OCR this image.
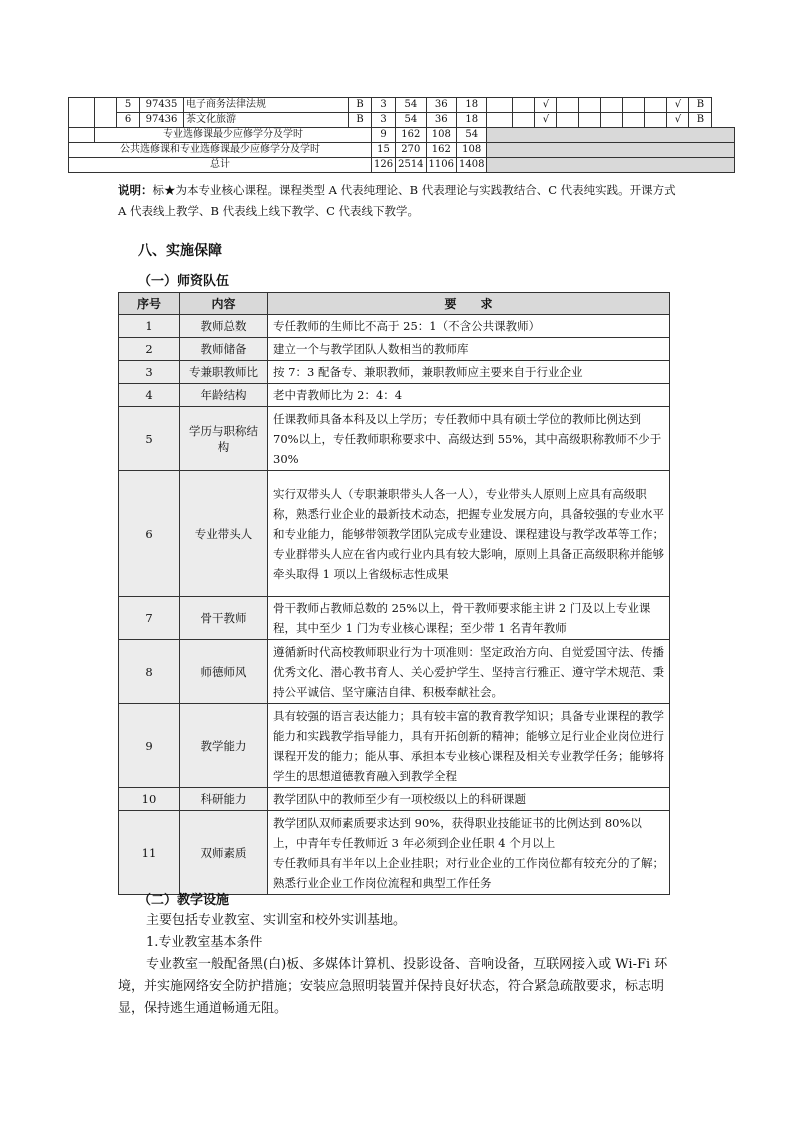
		5	97435	电子商务法律法规	B	3	54	36	18			√						√	B
		6	97436	茶文化旅游	B	3	54	36	18			√						√	B
	专业选修课最少应修学分及学时					9	162	108	54										
公共选修课和专业选修课最少应修学分及学时						15	270	162	108										
总计						126	2514	1106	1408										
说明：标★为本专业核心课程。课程类型 A 代表纯理论、B 代表理论与实践教结合、C 代表纯实践。开课方式 A 代表线上教学、B 代表线上线下教学、C 代表线下教学。
八、实施保障
（一）师资队伍
序号	内容	要　　求
1	教师总数	专任教师的生师比不高于 25：1（不含公共课教师）

2	教师储备	建立一个与教学团队人数相当的教师库

3	专兼职教师比	按 7：3 配备专、兼职教师，兼职教师应主要来自于行业企业

4	年龄结构	老中青教师比为 2：4：4

5	学历与职称结构	任课教师具备本科及以上学历；专任教师中具有硕士学位的教师比例达到 70%以上，专任教师职称要求中、高级达到 55%，其中高级职称教师不少于 30%

6	专业带头人	实行双带头人（专职兼职带头人各一人），专业带头人原则上应具有高级职称，熟悉行业企业的最新技术动态，把握专业发展方向，具备较强的专业水平和专业能力，能够带领教学团队完成专业建设、课程建设与教学改革等工作；
专业群带头人应在省内或行业内具有较大影响，原则上具备正高级职称并能够牵头取得 1 项以上省级标志性成果

7	骨干教师	骨干教师占教师总数的 25%以上，骨干教师要求能主讲 2 门及以上专业课程，其中至少 1 门为专业核心课程；至少带 1 名青年教师

8	师德师风	遵循新时代高校教师职业行为十项准则：坚定政治方向、自觉爱国守法、传播优秀文化、潜心教书育人、关心爱护学生、坚持言行雅正、遵守学术规范、秉持公平诚信、坚守廉洁自律、积极奉献社会。

9	教学能力	具有较强的语言表达能力；具有较丰富的教育教学知识；具备专业课程的教学能力和实践教学指导能力，具有开拓创新的精神；能够立足行业企业岗位进行课程开发的能力；能从事、承担本专业核心课程及相关专业教学任务；能够将学生的思想道德教育融入到教学全程

10	科研能力	教学团队中的教师至少有一项校级以上的科研课题

11	双师素质	教学团队双师素质要求达到 90%，获得职业技能证书的比例达到 80%以上，中青年专任教师近 3 年必须到企业任职 4 个月以上
专任教师具有半年以上企业挂职；对行业企业的工作岗位都有较充分的了解；熟悉行业企业工作岗位流程和典型工作任务
（二）教学设施
主要包括专业教室、实训室和校外实训基地。
1.专业教室基本条件
专业教室一般配备黑(白)板、多媒体计算机、投影设备、音响设备，互联网接入或 Wi-Fi 环境，并实施网络安全防护措施；安装应急照明装置并保持良好状态，符合紧急疏散要求，标志明显，保持逃生通道畅通无阻。
